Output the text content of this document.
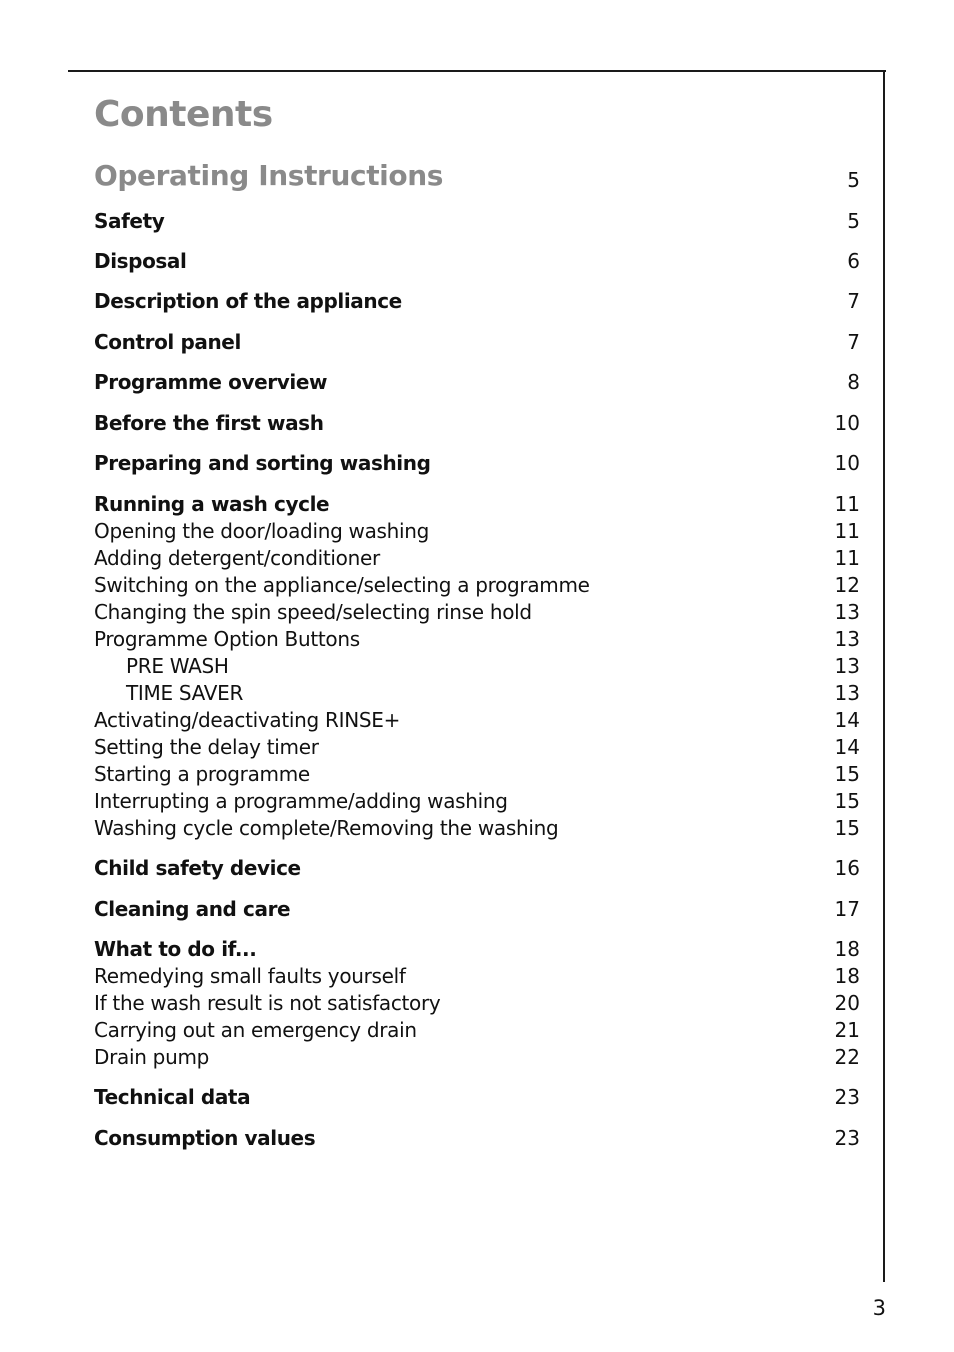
Contents
Operating Instructions	5
Safety	5
Disposal	6
Description of the appliance	7
Control panel	7
Programme overview	8
Before the first wash	10
Preparing and sorting washing	10
Running a wash cycle	11
Opening the door/loading washing	11
Adding detergent/conditioner	11
Switching on the appliance/selecting a programme	12
Changing the spin speed/selecting rinse hold	13
Programme Option Buttons	13
PRE WASH	13
TIME SAVER	13
Activating/deactivating RINSE+	14
Setting the delay timer	14
Starting a programme	15
Interrupting a programme/adding washing	15
Washing cycle complete/Removing the washing	15
Child safety device	16
Cleaning and care	17
What to do if...	18
Remedying small faults yourself	18
If the wash result is not satisfactory	20
Carrying out an emergency drain	21
Drain pump	22
Technical data	23
Consumption values	23
3
